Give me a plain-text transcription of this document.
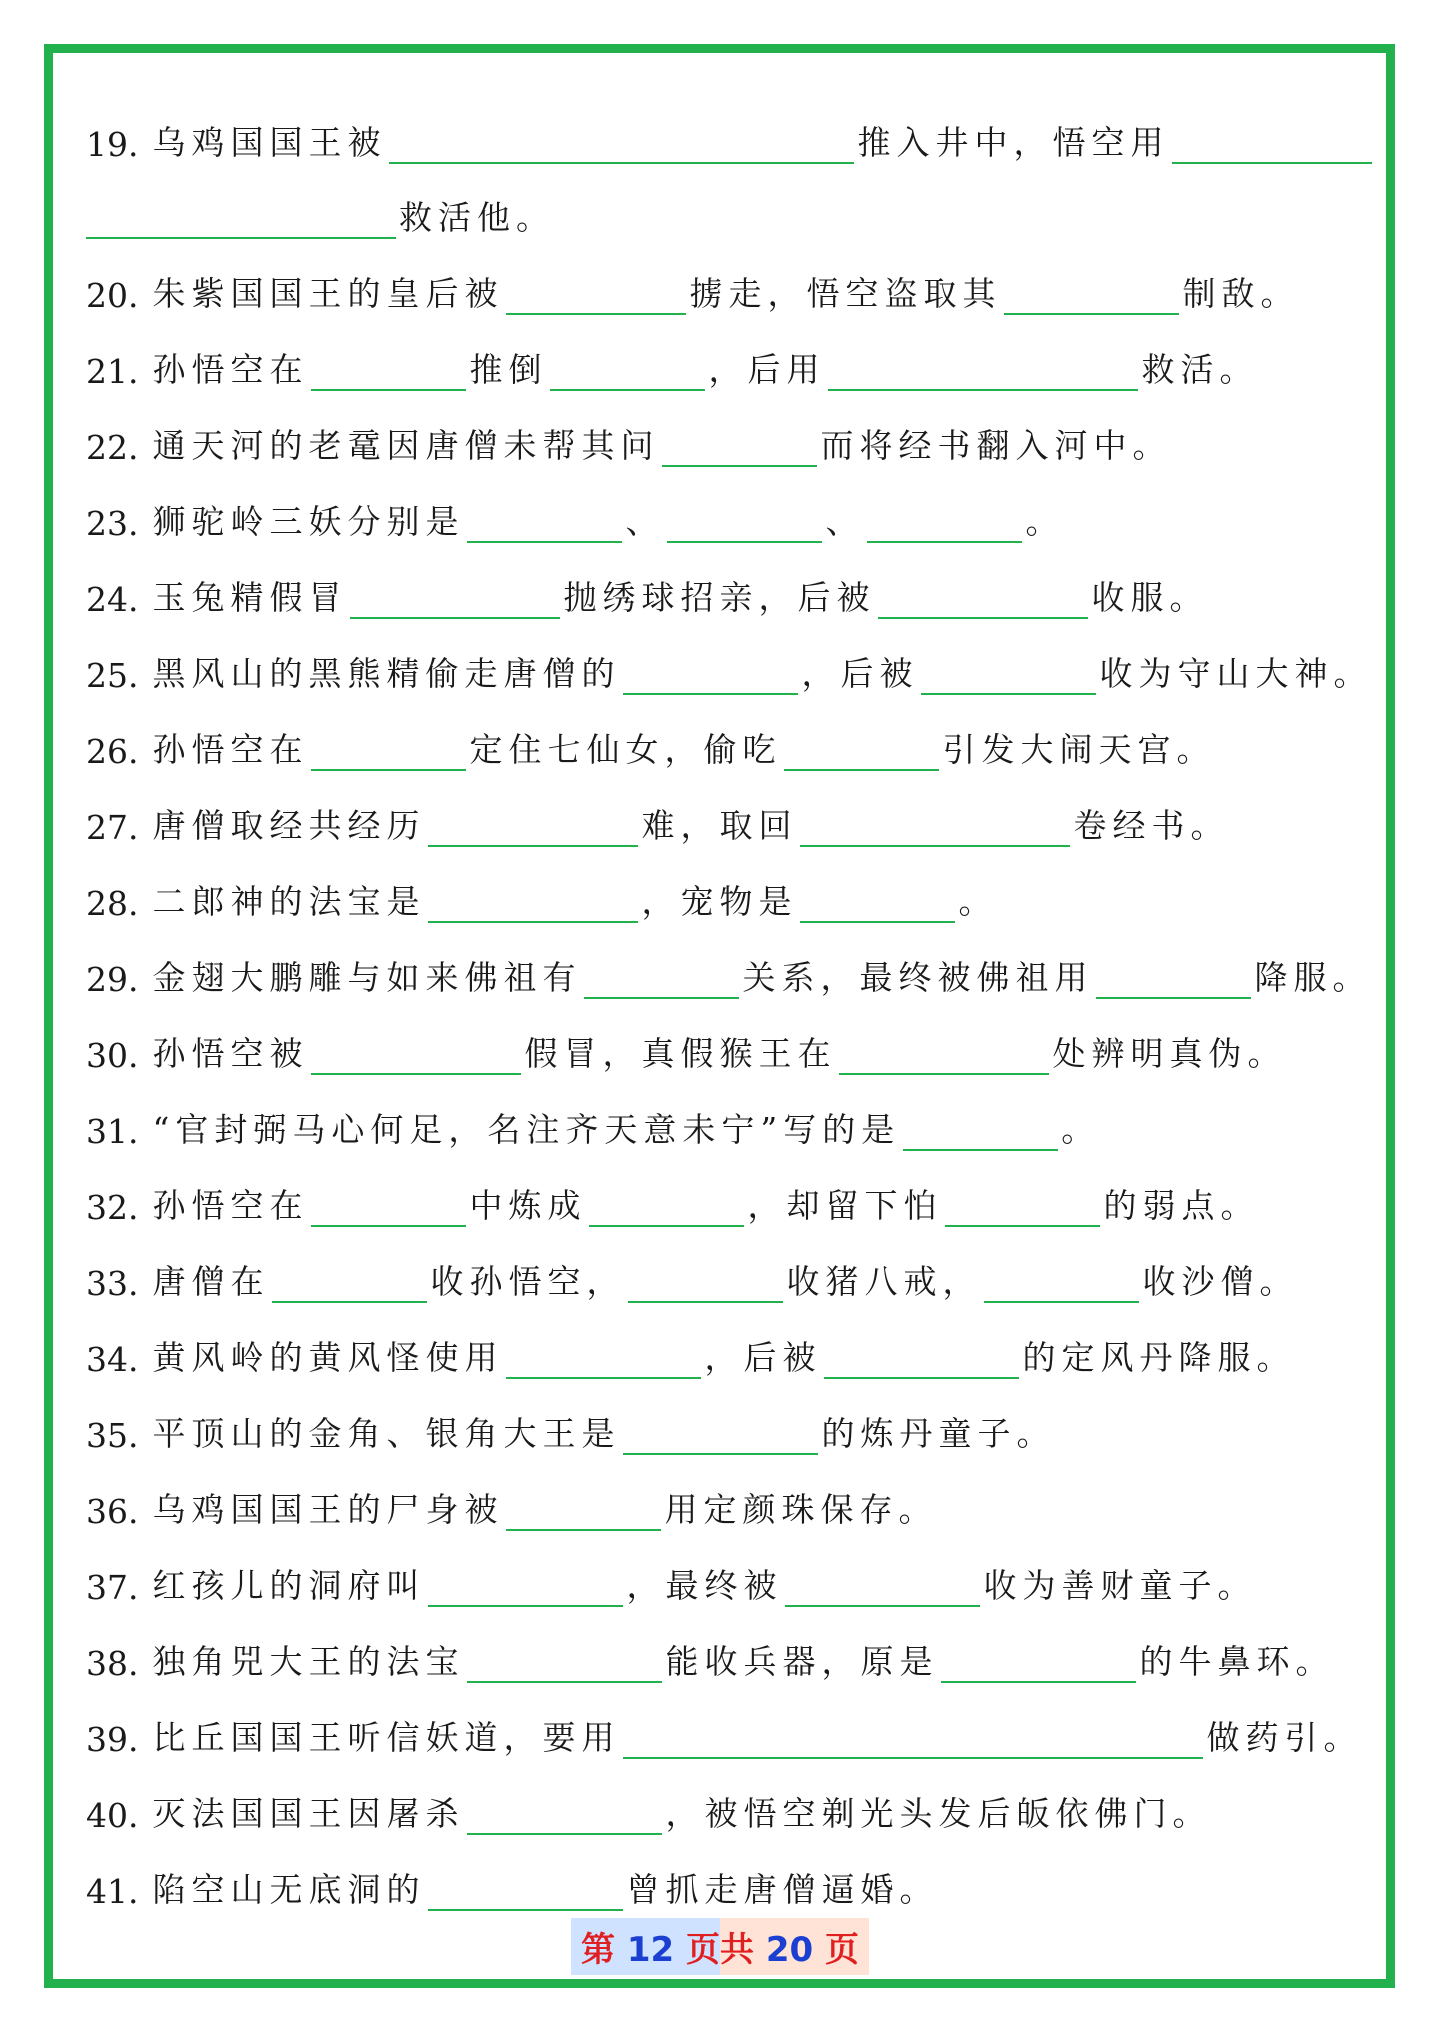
19. 乌鸡国国王被	推入井中，悟空用
救活他。
20. 朱紫国国王的皇后被	掳走，悟空盗取其	制敌。
21. 孙悟空在	推倒	，后用	救活。
22. 通天河的老鼋因唐僧未帮其问	而将经书翻入河中。
23. 狮驼岭三妖分别是	、	、	。
24. 玉兔精假冒	抛绣球招亲，后被	收服。
25. 黑风山的黑熊精偷走唐僧的	，后被	收为守山大神。
26. 孙悟空在	定住七仙女，偷吃	引发大闹天宫。
27. 唐僧取经共经历	难，取回	卷经书。
28. 二郎神的法宝是	，宠物是	。
29. 金翅大鹏雕与如来佛祖有	关系，最终被佛祖用	降服。
30. 孙悟空被	假冒，真假猴王在	处辨明真伪。
31. “官封弼马心何足，名注齐天意未宁”写的是	。
32. 孙悟空在	中炼成	，却留下怕	的弱点。
33. 唐僧在	收孙悟空，	收猪八戒，	收沙僧。
34. 黄风岭的黄风怪使用	，后被	的定风丹降服。
35. 平顶山的金角、银角大王是	的炼丹童子。
36. 乌鸡国国王的尸身被	用定颜珠保存。
37. 红孩儿的洞府叫	，最终被	收为善财童子。
38. 独角兕大王的法宝	能收兵器，原是	的牛鼻环。
39. 比丘国国王听信妖道，要用	做药引。
40. 灭法国国王因屠杀	，被悟空剃光头发后皈依佛门。
41. 陷空山无底洞的	曾抓走唐僧逼婚。
第 12 页共 20 页
